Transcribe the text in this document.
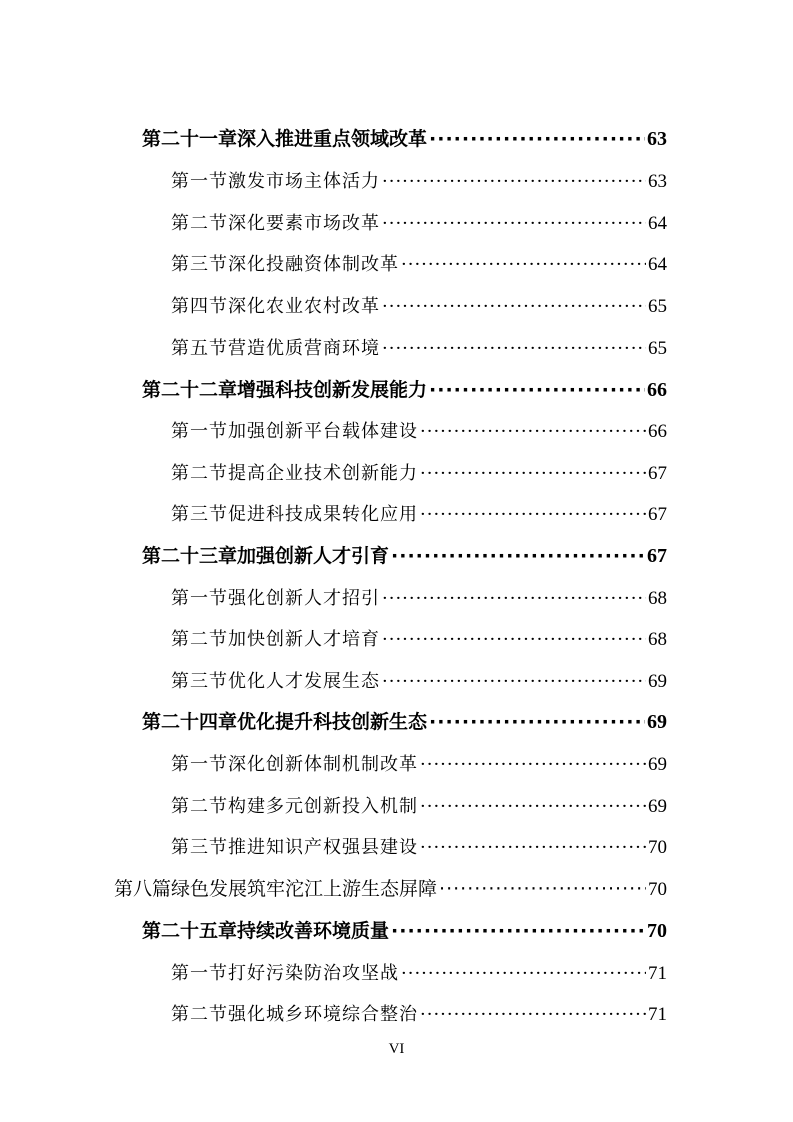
第二十一章 深入推进重点领域改革 ·····	63
第一节 激发市场主体活力 ·····	63
第二节 深化要素市场改革 ·····	64
第三节 深化投融资体制改革 ·····	64
第四节 深化农业农村改革 ·····	65
第五节 营造优质营商环境 ·····	65
第二十二章 增强科技创新发展能力 ·····	66
第一节 加强创新平台载体建设 ·····	66
第二节 提高企业技术创新能力 ·····	67
第三节 促进科技成果转化应用 ·····	67
第二十三章 加强创新人才引育 ·····	67
第一节 强化创新人才招引 ·····	68
第二节 加快创新人才培育 ·····	68
第三节 优化人才发展生态 ·····	69
第二十四章 优化提升科技创新生态 ·····	69
第一节 深化创新体制机制改革 ·····	69
第二节 构建多元创新投入机制 ·····	69
第三节 推进知识产权强县建设 ·····	70
第八篇 绿色发展 筑牢沱江上游生态屏障 ·····	70
第二十五章 持续改善环境质量 ·····	70
第一节 打好污染防治攻坚战 ·····	71
第二节 强化城乡环境综合整治 ·····	71
VI
